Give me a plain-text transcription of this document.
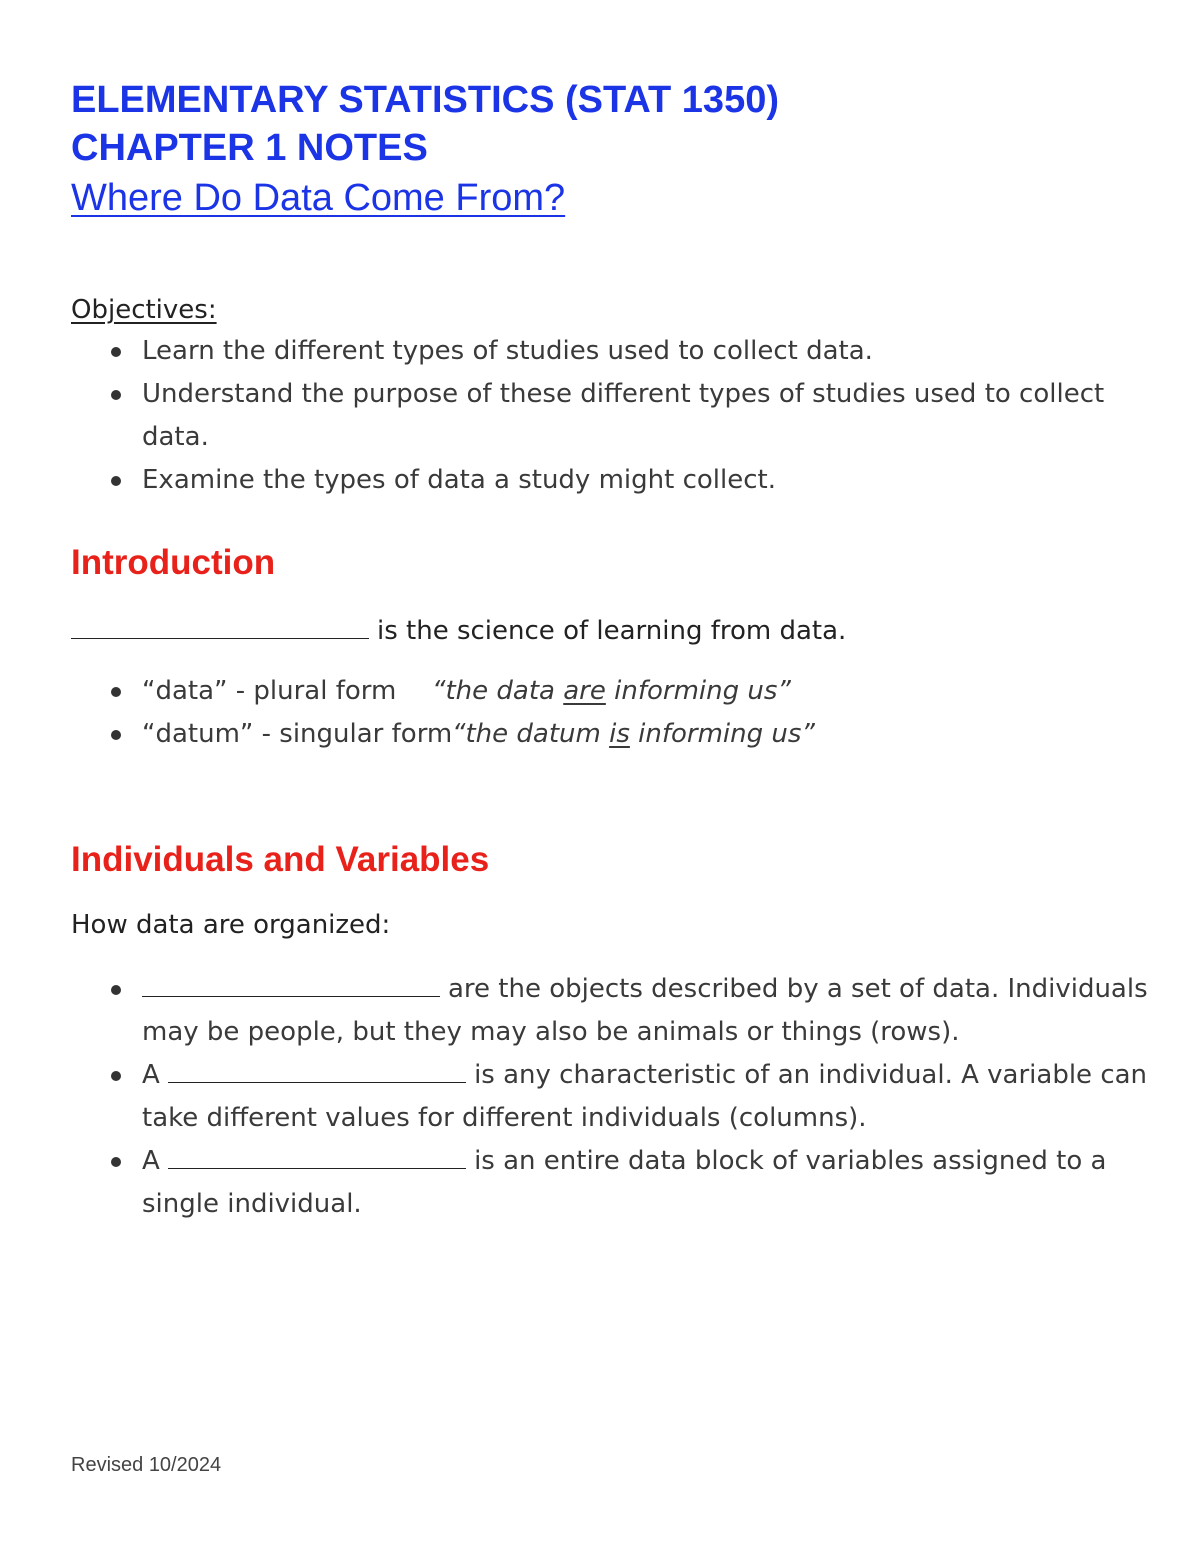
ELEMENTARY STATISTICS (STAT 1350)
CHAPTER 1 NOTES
Where Do Data Come From?
Objectives:
Learn the different types of studies used to collect data.
Understand the purpose of these different types of studies used to collect data.
Examine the types of data a study might collect.
Introduction
is the science of learning from data.
“data” - plural form “the data are informing us”
“datum” - singular form“the datum is informing us”
Individuals and Variables
How data are organized:
are the objects described by a set of data. Individuals may be people, but they may also be animals or things (rows).
A	is any characteristic of an individual. A variable can take different values for different individuals (columns).
A	is an entire data block of variables assigned to a single individual.
Revised 10/2024
